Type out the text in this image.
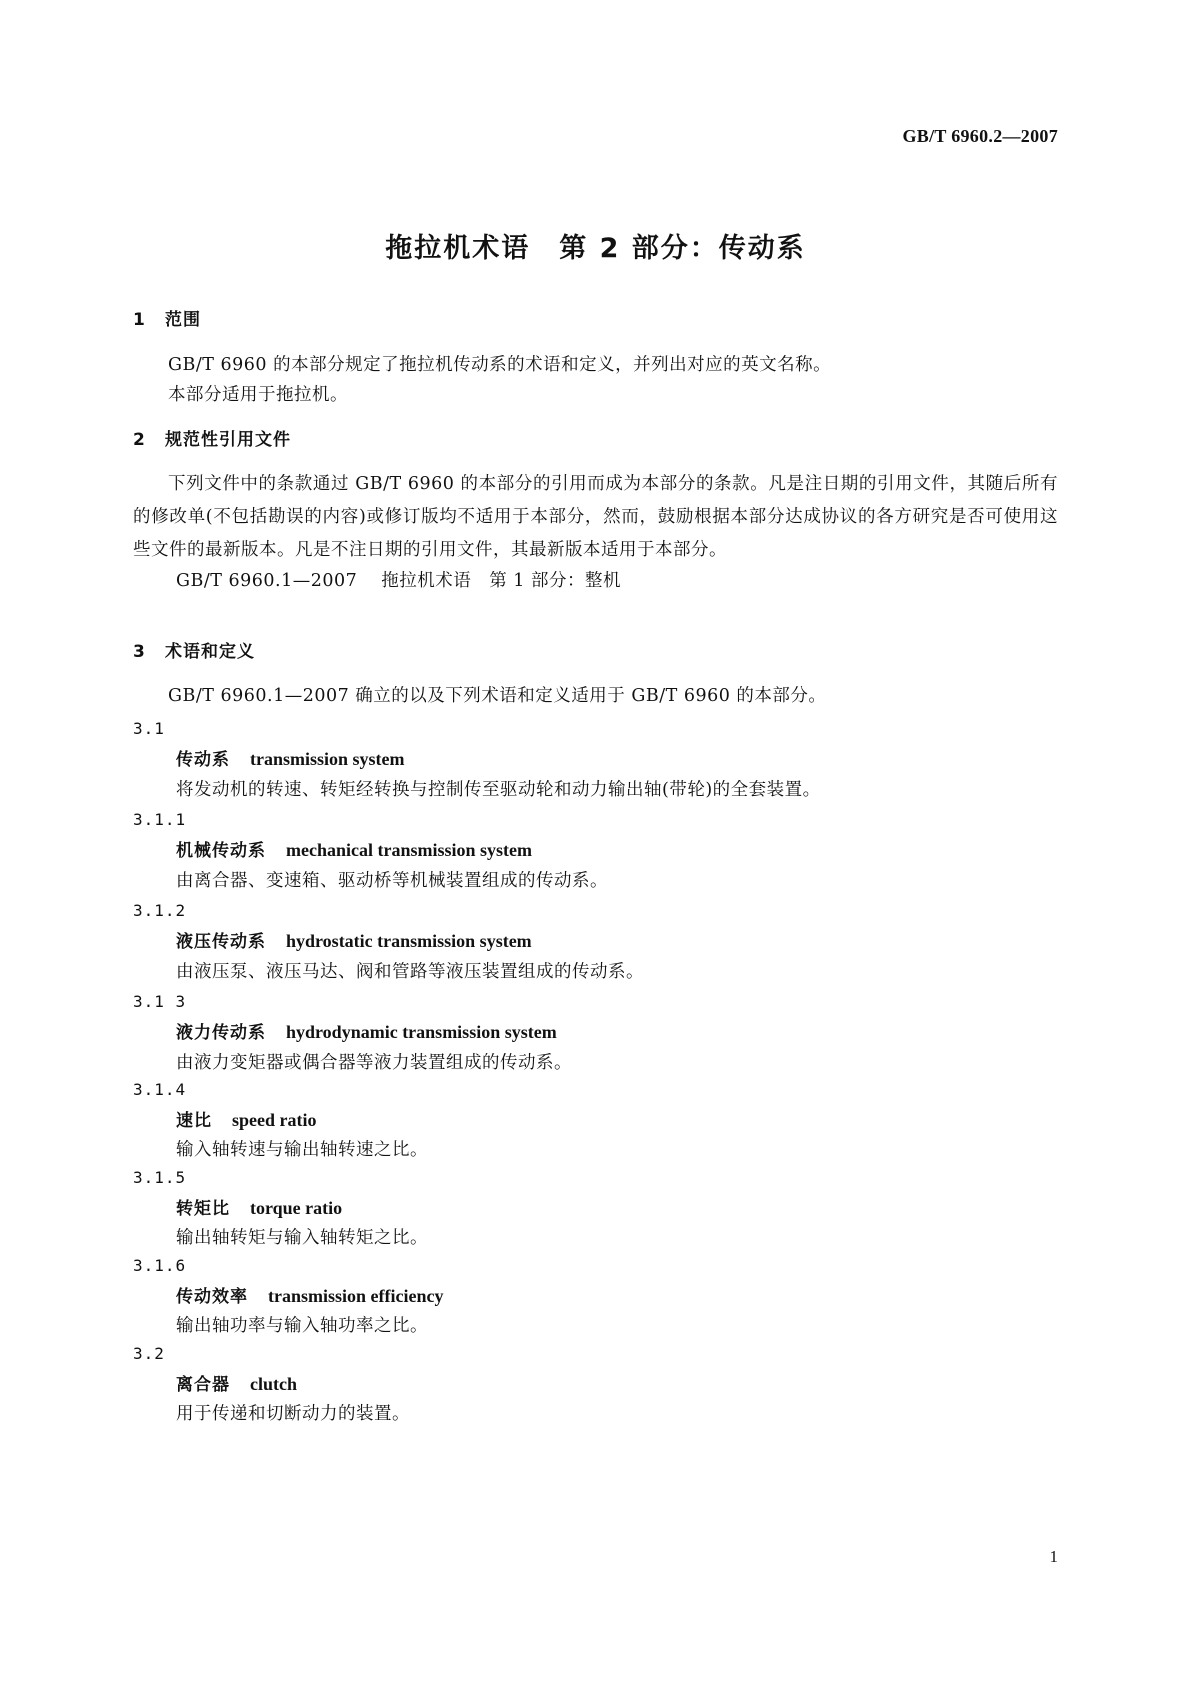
GB/T 6960.2—2007
拖拉机术语　第 2 部分：传动系
1 范围
GB/T 6960 的本部分规定了拖拉机传动系的术语和定义，并列出对应的英文名称。
本部分适用于拖拉机。
2 规范性引用文件
下列文件中的条款通过 GB/T 6960 的本部分的引用而成为本部分的条款。凡是注日期的引用文件，其随后所有的修改单(不包括勘误的内容)或修订版均不适用于本部分，然而，鼓励根据本部分达成协议的各方研究是否可使用这些文件的最新版本。凡是不注日期的引用文件，其最新版本适用于本部分。
GB/T 6960.1—2007 拖拉机术语　第 1 部分：整机
3 术语和定义
GB/T 6960.1—2007 确立的以及下列术语和定义适用于 GB/T 6960 的本部分。
3.1
传动系 transmission system
将发动机的转速、转矩经转换与控制传至驱动轮和动力输出轴(带轮)的全套装置。
3.1.1
机械传动系 mechanical transmission system
由离合器、变速箱、驱动桥等机械装置组成的传动系。
3.1.2
液压传动系 hydrostatic transmission system
由液压泵、液压马达、阀和管路等液压装置组成的传动系。
3.1 3
液力传动系 hydrodynamic transmission system
由液力变矩器或偶合器等液力装置组成的传动系。
3.1.4
速比 speed ratio
输入轴转速与输出轴转速之比。
3.1.5
转矩比 torque ratio
输出轴转矩与输入轴转矩之比。
3.1.6
传动效率 transmission efficiency
输出轴功率与输入轴功率之比。
3.2
离合器 clutch
用于传递和切断动力的装置。
1
